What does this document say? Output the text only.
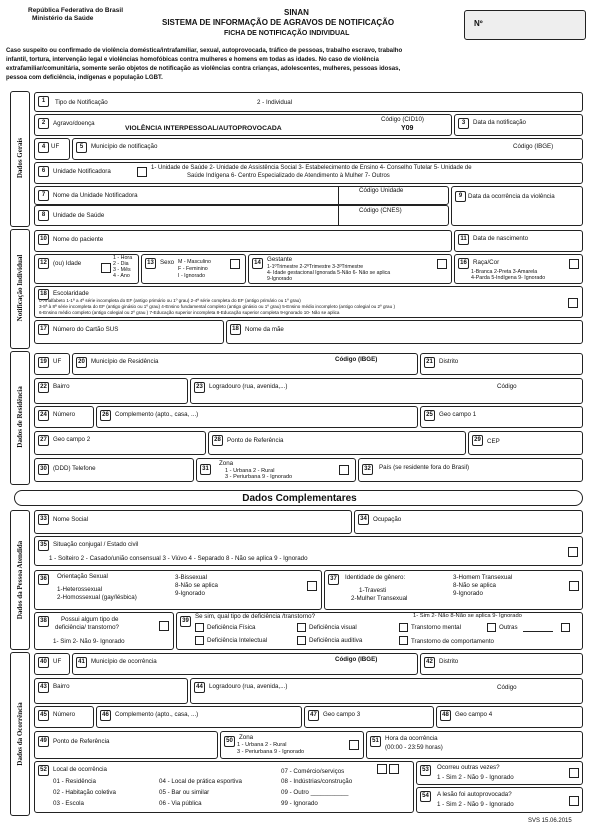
República Federativa do Brasil
Ministério da Saúde
SINAN
SISTEMA DE INFORMAÇÃO DE AGRAVOS DE NOTIFICAÇÃO
FICHA DE NOTIFICAÇÃO INDIVIDUAL
Nº
Caso suspeito ou confirmado de violência doméstica/intrafamiliar, sexual, autoprovocada, tráfico de pessoas, trabalho escravo, trabalho
infantil, tortura, intervenção legal e violências homofóbicas contra mulheres e homens em todas as idades. No caso de violência
extrafamiliar/comunitária, somente serão objetos de notificação as violências contra crianças, adolescentes, mulheres, pessoas idosas,
pessoa com deficiência, indígenas e população LGBT.
Dados Gerais
Notificação Individual
Dados de Residência
Dados da Pessoa Atendida
Dados da Ocorrência
1	Tipo de Notificação	2 - Individual
2	Agravo/doença
VIOLÊNCIA INTERPESSOAL/AUTOPROVOCADA
Código (CID10)
Y09
3	Data da notificação
4 UF	5	Município de notificação	Código (IBGE)
6	Unidade Notificadora	1- Unidade de Saúde 2- Unidade de Assistência Social 3- Estabelecimento de Ensino 4- Conselho Tutelar 5- Unidade de
Saúde Indígena 6- Centro Especializado de Atendimento à Mulher 7- Outros
7	Nome da Unidade Notificadora
Código Unidade
8	Unidade de Saúde
Código (CNES)
9 Data da ocorrência da violência
10 Nome do paciente	11	Data de nascimento
12 (ou) Idade
1 - Hora
2 - Dia
3 - Mês
4 - Ano
13 Sexo M - Masculino
F - Feminino
I - Ignorado
14 Gestante
1-1ºTrimestre 2-2ºTrimestre 3-3ºTrimestre
4- Idade gestacional Ignorada 5-Não 6- Não se aplica
9-Ignorado
16 Raça/Cor
1-Branca 2-Preta 3-Amarela
4-Parda 5-Indígena 9- Ignorado
18 Escolaridade
0-Analfabeto 1-1ª a 4ª série incompleta do EF (antigo primário ou 1º grau) 2-4ª série completa do EF (antigo primário ou 1º grau)
3-5ª à 8ª série incompleta do EF (antigo ginásio ou 1º grau) 4-Ensino fundamental completo (antigo ginásio ou 1º grau) 5-Ensino médio incompleto (antigo colegial ou 2º grau )
6-Ensino médio completo (antigo colegial ou 2º grau ) 7-Educação superior incompleta 8-Educação superior completa 9-Ignorado 10- Não se aplica
17 Número do Cartão SUS	18 Nome da mãe
19 UF	20 Município de Residência	Código (IBGE)	21 Distrito
22 Bairro	23 Logradouro (rua, avenida,...)	Código
24 Número	26 Complemento (apto., casa, ...)	25 Geo campo 1
27 Geo campo 2	28 Ponto de Referência	29 CEP
30 (DDD) Telefone	31
Zona
1 - Urbana 2 - Rural
3 - Periurbana 9 - Ignorado
32	País (se residente fora do Brasil)
Dados Complementares
33 Nome Social	34 Ocupação
35 Situação conjugal / Estado civil
1 - Solteiro 2 - Casado/união consensual 3 - Viúvo 4 - Separado 8 - Não se aplica 9 - Ignorado
36	Orientação Sexual
1-Heterossexual
2-Homossexual (gay/lésbica)
3-Bissexual
8-Não se aplica
9-Ignorado
37	Identidade de gênero:
1-Travesti
2-Mulher Transexual
3-Homem Transexual
8-Não se aplica
9-Ignorado
38	Possui algum tipo de
deficiência/ transtorno?
1- Sim 2- Não 9- Ignorado
39
Se sim, qual tipo de deficiência /transtorno?	1- Sim 2- Não 8-Não se aplica 9- Ignorado
Deficiência Física	Deficiência visual	Transtorno mental	Outras
Deficiência Intelectual	Deficiência auditiva	Transtorno de comportamento
40 UF	41 Município de ocorrência	Código (IBGE)	42 Distrito
43 Bairro	44 Logradouro (rua, avenida,...)	Código
45 Número	46 Complemento (apto., casa, ...)	47 Geo campo 3	48 Geo campo 4
49 Ponto de Referência	50 Zona
1 - Urbana 2 - Rural
3 - Periurbana 9 - Ignorado
51 Hora da ocorrência
(00:00 - 23:59 horas)
52 Local de ocorrência
01 - Residência
02 - Habitação coletiva
03 - Escola
04 - Local de prática esportiva
05 - Bar ou similar
06 - Via pública
07 - Comércio/serviços
08 - Indústrias/construção
09 - Outro ___________
99 - Ignorado
53	Ocorreu outras vezes?
1 - Sim 2 - Não 9 - Ignorado
54	A lesão foi autoprovocada?
1 - Sim 2 - Não 9 - Ignorado
SVS 15.06.2015
